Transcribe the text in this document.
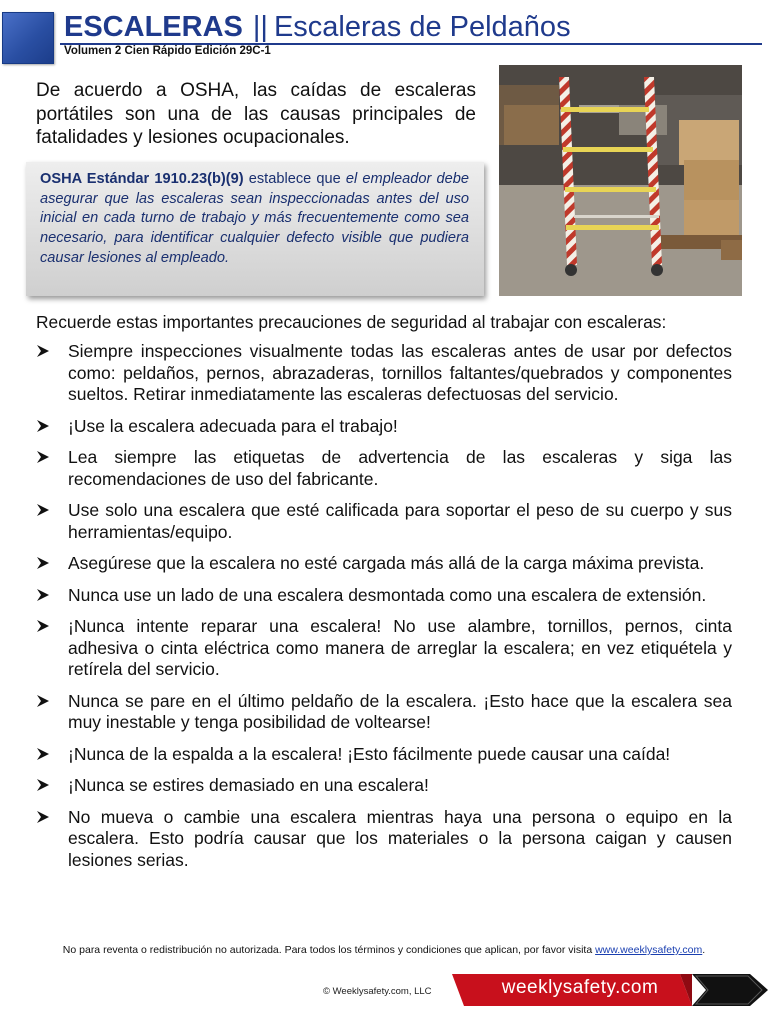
ESCALERAS || Escaleras de Peldaños
Volumen 2 Cien Rápido Edición 29C-1

De acuerdo a OSHA, las caídas de escaleras portátiles son una de las causas principales de fatalidades y lesiones ocupacionales.

OSHA Estándar 1910.23(b)(9) establece que el empleador debe asegurar que las escaleras sean inspeccionadas antes del uso inicial en cada turno de trabajo y más frecuentemente como sea necesario, para identificar cualquier defecto visible que pudiera causar lesiones al empleado.

Recuerde estas importantes precauciones de seguridad al trabajar con escaleras:

Siempre inspecciones visualmente todas las escaleras antes de usar por defectos como: peldaños, pernos, abrazaderas, tornillos faltantes/quebrados y componentes sueltos. Retirar inmediatamente las escaleras defectuosas del servicio.
¡Use la escalera adecuada para el trabajo!
Lea siempre las etiquetas de advertencia de las escaleras y siga las recomendaciones de uso del fabricante.
Use solo una escalera que esté calificada para soportar el peso de su cuerpo y sus herramientas/equipo.
Asegúrese que la escalera no esté cargada más allá de la carga máxima prevista.
Nunca use un lado de una escalera desmontada como una escalera de extensión.
¡Nunca intente reparar una escalera! No use alambre, tornillos, pernos, cinta adhesiva o cinta eléctrica como manera de arreglar la escalera; en vez etiquétela y retírela del servicio.
Nunca se pare en el último peldaño de la escalera. ¡Esto hace que la escalera sea muy inestable y tenga posibilidad de voltearse!
¡Nunca de la espalda a la escalera! ¡Esto fácilmente puede causar una caída!
¡Nunca se estires demasiado en una escalera!
No mueva o cambie una escalera mientras haya una persona o equipo en la escalera. Esto podría causar que los materiales o la persona caigan y causen lesiones serias.
No para reventa o redistribución no autorizada. Para todos los términos y condiciones que aplican, por favor visita www.weeklysafety.com.
© Weeklysafety.com, LLC	weeklysafety.com
